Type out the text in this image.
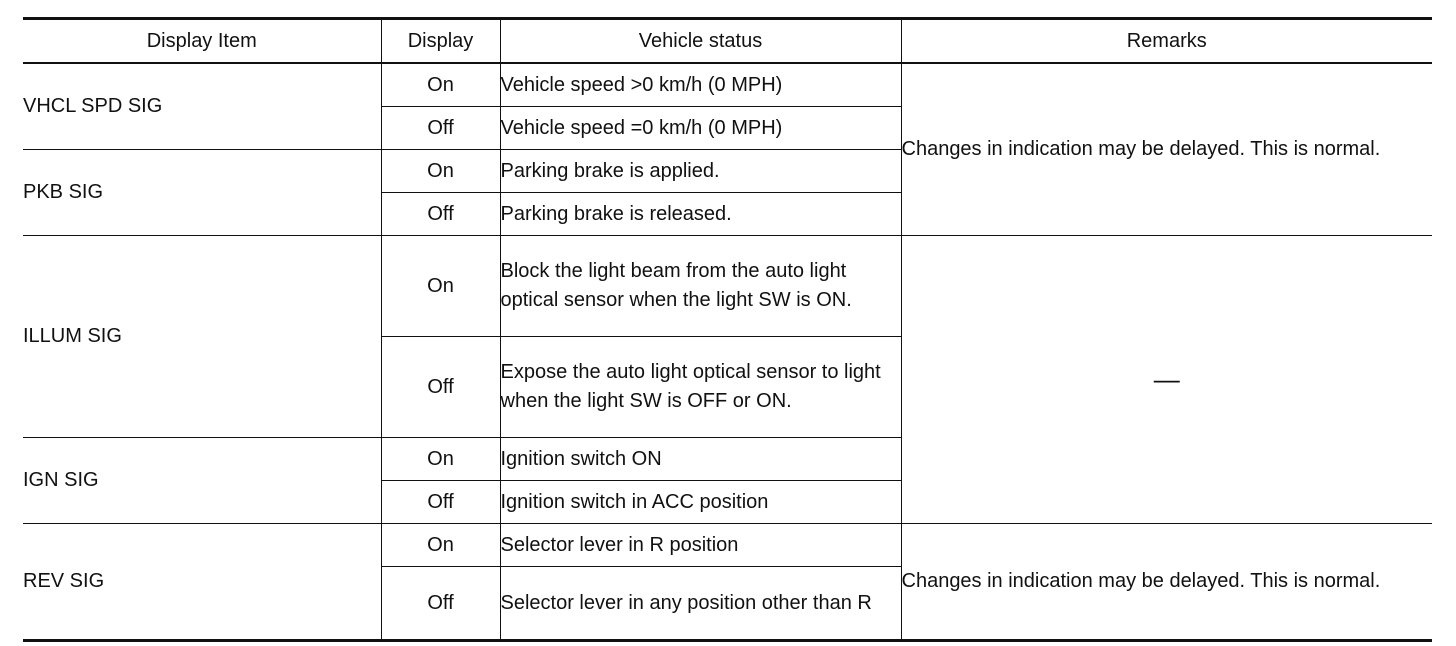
Display Item	Display	Vehicle status	Remarks
VHCL SPD SIG	On	Vehicle speed >0 km/h (0 MPH)	Changes in indication may be delayed. This is normal.
	Off	Vehicle speed =0 km/h (0 MPH)	
PKB SIG	On	Parking brake is applied.	
	Off	Parking brake is released.	
ILLUM SIG	On	Block the light beam from the auto light optical sensor when the light SW is ON.	—
	Off	Expose the auto light optical sensor to light when the light SW is OFF or ON.	
IGN SIG	On	Ignition switch ON	
	Off	Ignition switch in ACC position	
REV SIG	On	Selector lever in R position	Changes in indication may be delayed. This is normal.
	Off	Selector lever in any position other than R	
